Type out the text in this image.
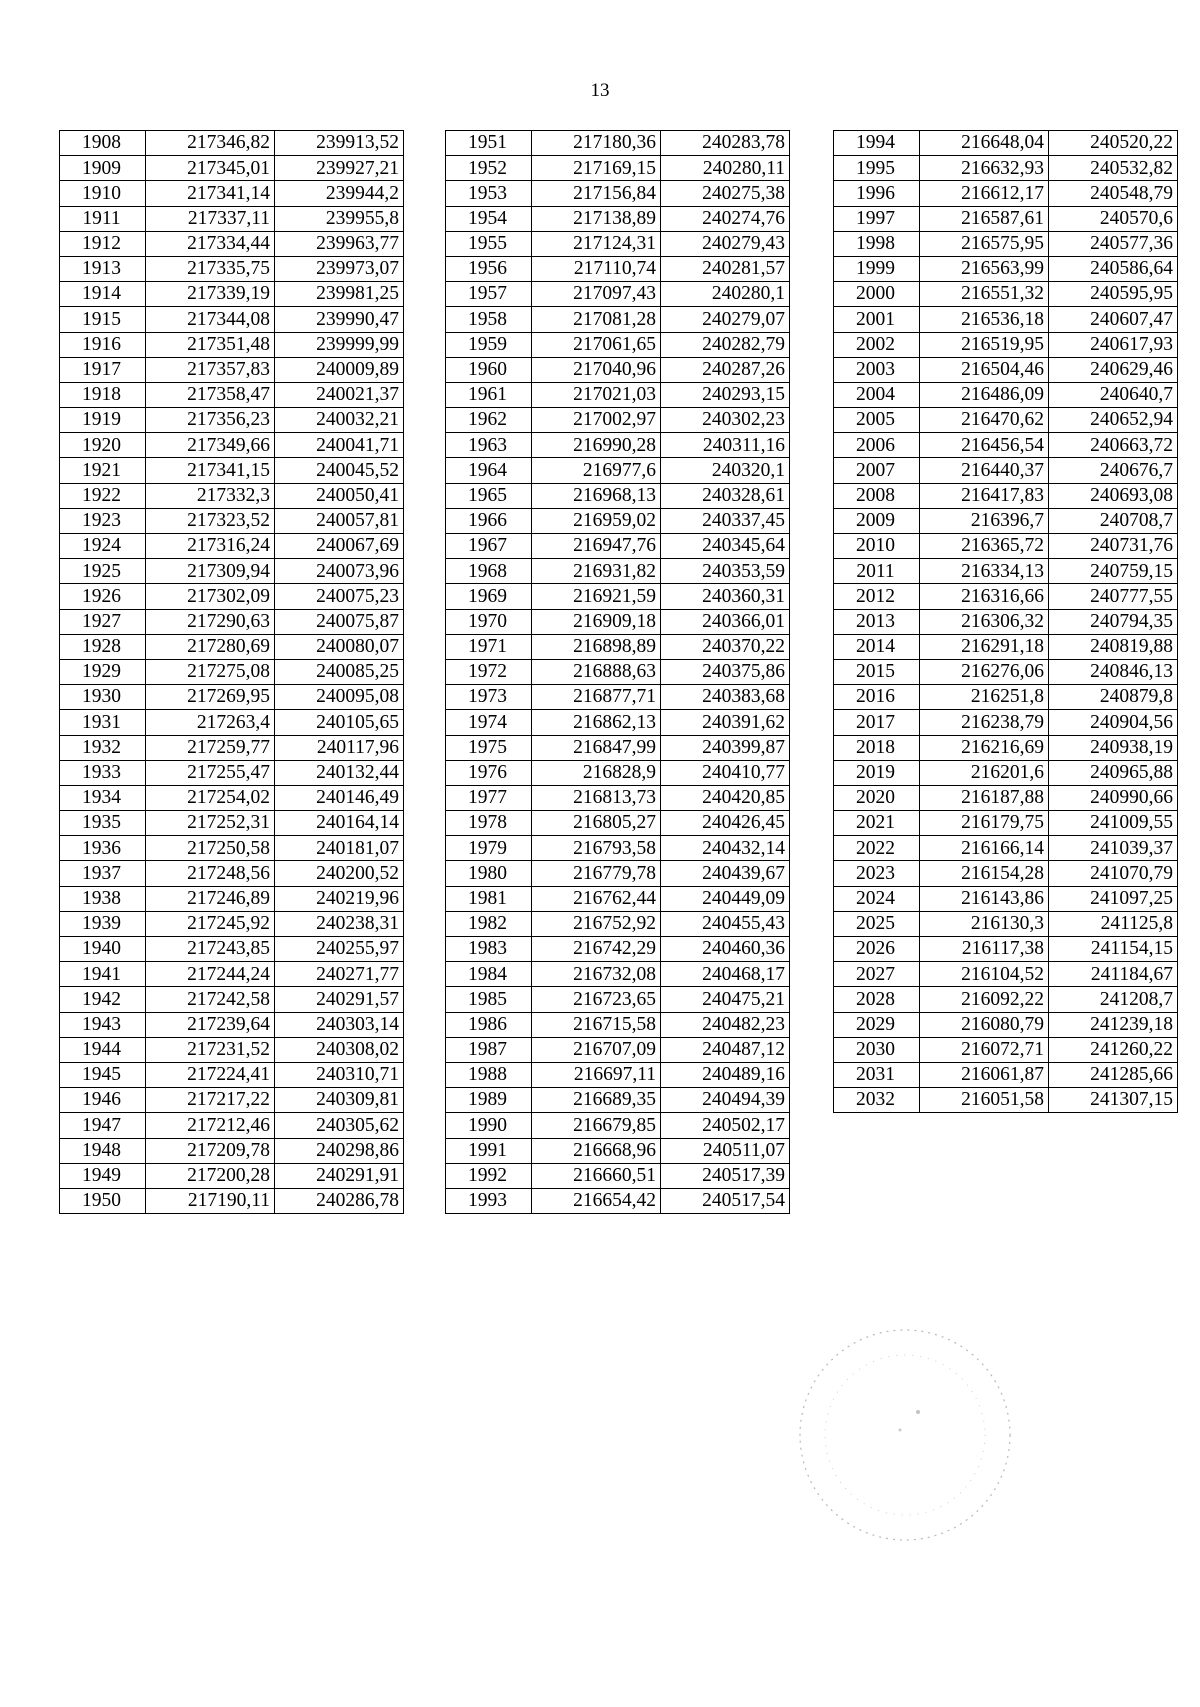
13
1908	217346,82	239913,52
1909	217345,01	239927,21
1910	217341,14	239944,2
1911	217337,11	239955,8
1912	217334,44	239963,77
1913	217335,75	239973,07
1914	217339,19	239981,25
1915	217344,08	239990,47
1916	217351,48	239999,99
1917	217357,83	240009,89
1918	217358,47	240021,37
1919	217356,23	240032,21
1920	217349,66	240041,71
1921	217341,15	240045,52
1922	217332,3	240050,41
1923	217323,52	240057,81
1924	217316,24	240067,69
1925	217309,94	240073,96
1926	217302,09	240075,23
1927	217290,63	240075,87
1928	217280,69	240080,07
1929	217275,08	240085,25
1930	217269,95	240095,08
1931	217263,4	240105,65
1932	217259,77	240117,96
1933	217255,47	240132,44
1934	217254,02	240146,49
1935	217252,31	240164,14
1936	217250,58	240181,07
1937	217248,56	240200,52
1938	217246,89	240219,96
1939	217245,92	240238,31
1940	217243,85	240255,97
1941	217244,24	240271,77
1942	217242,58	240291,57
1943	217239,64	240303,14
1944	217231,52	240308,02
1945	217224,41	240310,71
1946	217217,22	240309,81
1947	217212,46	240305,62
1948	217209,78	240298,86
1949	217200,28	240291,91
1950	217190,11	240286,78
1951	217180,36	240283,78
1952	217169,15	240280,11
1953	217156,84	240275,38
1954	217138,89	240274,76
1955	217124,31	240279,43
1956	217110,74	240281,57
1957	217097,43	240280,1
1958	217081,28	240279,07
1959	217061,65	240282,79
1960	217040,96	240287,26
1961	217021,03	240293,15
1962	217002,97	240302,23
1963	216990,28	240311,16
1964	216977,6	240320,1
1965	216968,13	240328,61
1966	216959,02	240337,45
1967	216947,76	240345,64
1968	216931,82	240353,59
1969	216921,59	240360,31
1970	216909,18	240366,01
1971	216898,89	240370,22
1972	216888,63	240375,86
1973	216877,71	240383,68
1974	216862,13	240391,62
1975	216847,99	240399,87
1976	216828,9	240410,77
1977	216813,73	240420,85
1978	216805,27	240426,45
1979	216793,58	240432,14
1980	216779,78	240439,67
1981	216762,44	240449,09
1982	216752,92	240455,43
1983	216742,29	240460,36
1984	216732,08	240468,17
1985	216723,65	240475,21
1986	216715,58	240482,23
1987	216707,09	240487,12
1988	216697,11	240489,16
1989	216689,35	240494,39
1990	216679,85	240502,17
1991	216668,96	240511,07
1992	216660,51	240517,39
1993	216654,42	240517,54
1994	216648,04	240520,22
1995	216632,93	240532,82
1996	216612,17	240548,79
1997	216587,61	240570,6
1998	216575,95	240577,36
1999	216563,99	240586,64
2000	216551,32	240595,95
2001	216536,18	240607,47
2002	216519,95	240617,93
2003	216504,46	240629,46
2004	216486,09	240640,7
2005	216470,62	240652,94
2006	216456,54	240663,72
2007	216440,37	240676,7
2008	216417,83	240693,08
2009	216396,7	240708,7
2010	216365,72	240731,76
2011	216334,13	240759,15
2012	216316,66	240777,55
2013	216306,32	240794,35
2014	216291,18	240819,88
2015	216276,06	240846,13
2016	216251,8	240879,8
2017	216238,79	240904,56
2018	216216,69	240938,19
2019	216201,6	240965,88
2020	216187,88	240990,66
2021	216179,75	241009,55
2022	216166,14	241039,37
2023	216154,28	241070,79
2024	216143,86	241097,25
2025	216130,3	241125,8
2026	216117,38	241154,15
2027	216104,52	241184,67
2028	216092,22	241208,7
2029	216080,79	241239,18
2030	216072,71	241260,22
2031	216061,87	241285,66
2032	216051,58	241307,15
